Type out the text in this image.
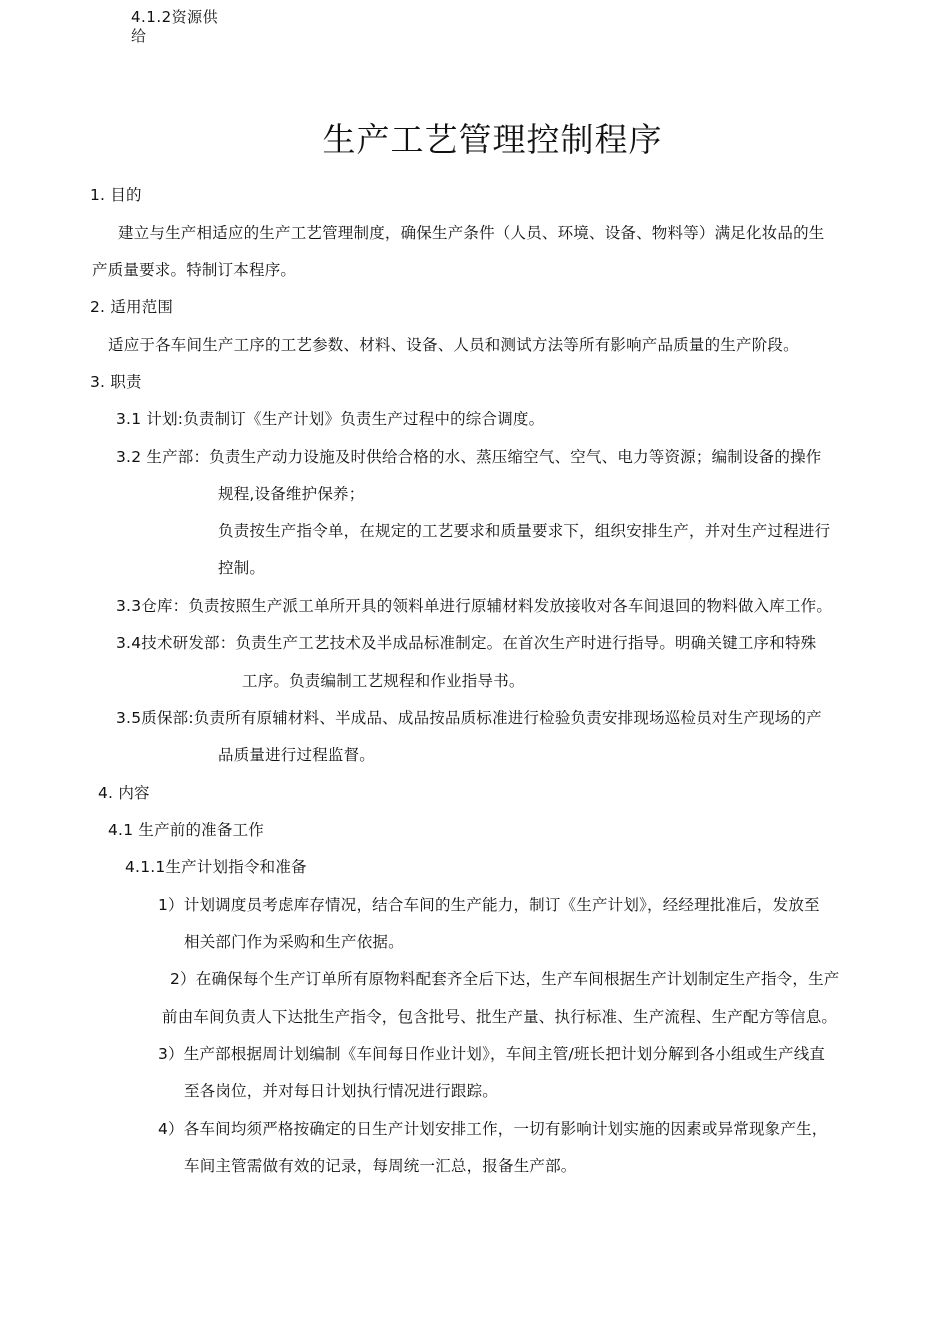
4.1.2资源供
给
生产工艺管理控制程序
1. 目的
建立与生产相适应的生产工艺管理制度，确保生产条件（人员、环境、设备、物料等）满足化妆品的生
产质量要求。特制订本程序。
2. 适用范围
适应于各车间生产工序的工艺参数、材料、设备、人员和测试方法等所有影响产品质量的生产阶段。
3. 职责
3.1 计划:负责制订《生产计划》负责生产过程中的综合调度。
3.2 生产部：负责生产动力设施及时供给合格的水、蒸压缩空气、空气、电力等资源；编制设备的操作
规程,设备维护保养；
负责按生产指令单，在规定的工艺要求和质量要求下，组织安排生产，并对生产过程进行
控制。
3.3仓库：负责按照生产派工单所开具的领料单进行原辅材料发放接收对各车间退回的物料做入库工作。
3.4技术研发部：负责生产工艺技术及半成品标准制定。在首次生产时进行指导。明确关键工序和特殊
工序。负责编制工艺规程和作业指导书。
3.5质保部:负责所有原辅材料、半成品、成品按品质标准进行检验负责安排现场巡检员对生产现场的产
品质量进行过程监督。
4. 内容
4.1 生产前的准备工作
4.1.1生产计划指令和准备
1）计划调度员考虑库存情况，结合车间的生产能力，制订《生产计划》，经经理批准后，发放至
相关部门作为采购和生产依据。
2）在确保每个生产订单所有原物料配套齐全后下达，生产车间根据生产计划制定生产指令，生产
前由车间负责人下达批生产指令，包含批号、批生产量、执行标准、生产流程、生产配方等信息。
3）生产部根据周计划编制《车间每日作业计划》，车间主管/班长把计划分解到各小组或生产线直
至各岗位，并对每日计划执行情况进行跟踪。
4）各车间均须严格按确定的日生产计划安排工作，一切有影响计划实施的因素或异常现象产生，
车间主管需做有效的记录，每周统一汇总，报备生产部。
